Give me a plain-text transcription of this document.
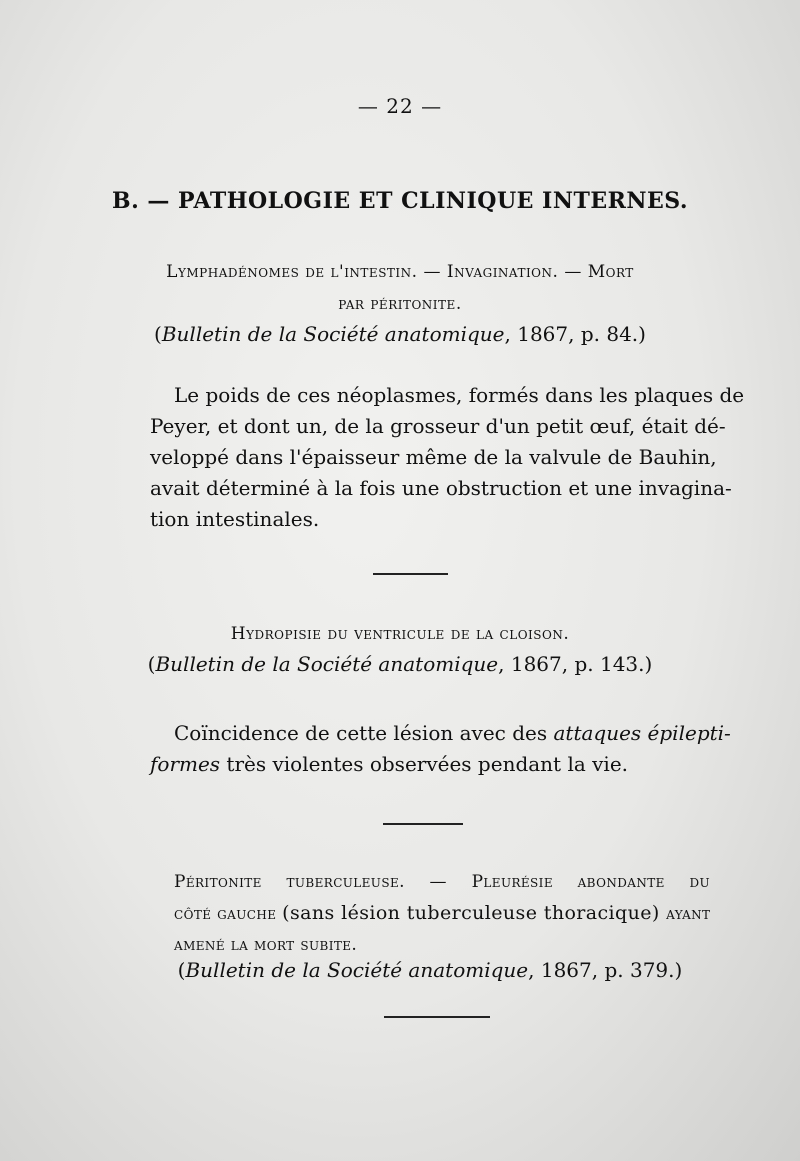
— 22 —
B. — PATHOLOGIE ET CLINIQUE INTERNES.
Lymphadénomes de l'intestin. — Invagination. — Mort
par péritonite.
(Bulletin de la Société anatomique, 1867, p. 84.)
Le poids de ces néoplasmes, formés dans les plaques de
Peyer, et dont un, de la grosseur d'un petit œuf, était dé-
veloppé dans l'épaisseur même de la valvule de Bauhin,
avait déterminé à la fois une obstruction et une invagina-
tion intestinales.
Hydropisie du ventricule de la cloison.
(Bulletin de la Société anatomique, 1867, p. 143.)
Coïncidence de cette lésion avec des attaques épilepti-
formes très violentes observées pendant la vie.
Péritonite tuberculeuse. — Pleurésie abondante du
côté gauche (sans lésion tuberculeuse thoracique) ayant
amené la mort subite.
(Bulletin de la Société anatomique, 1867, p. 379.)
